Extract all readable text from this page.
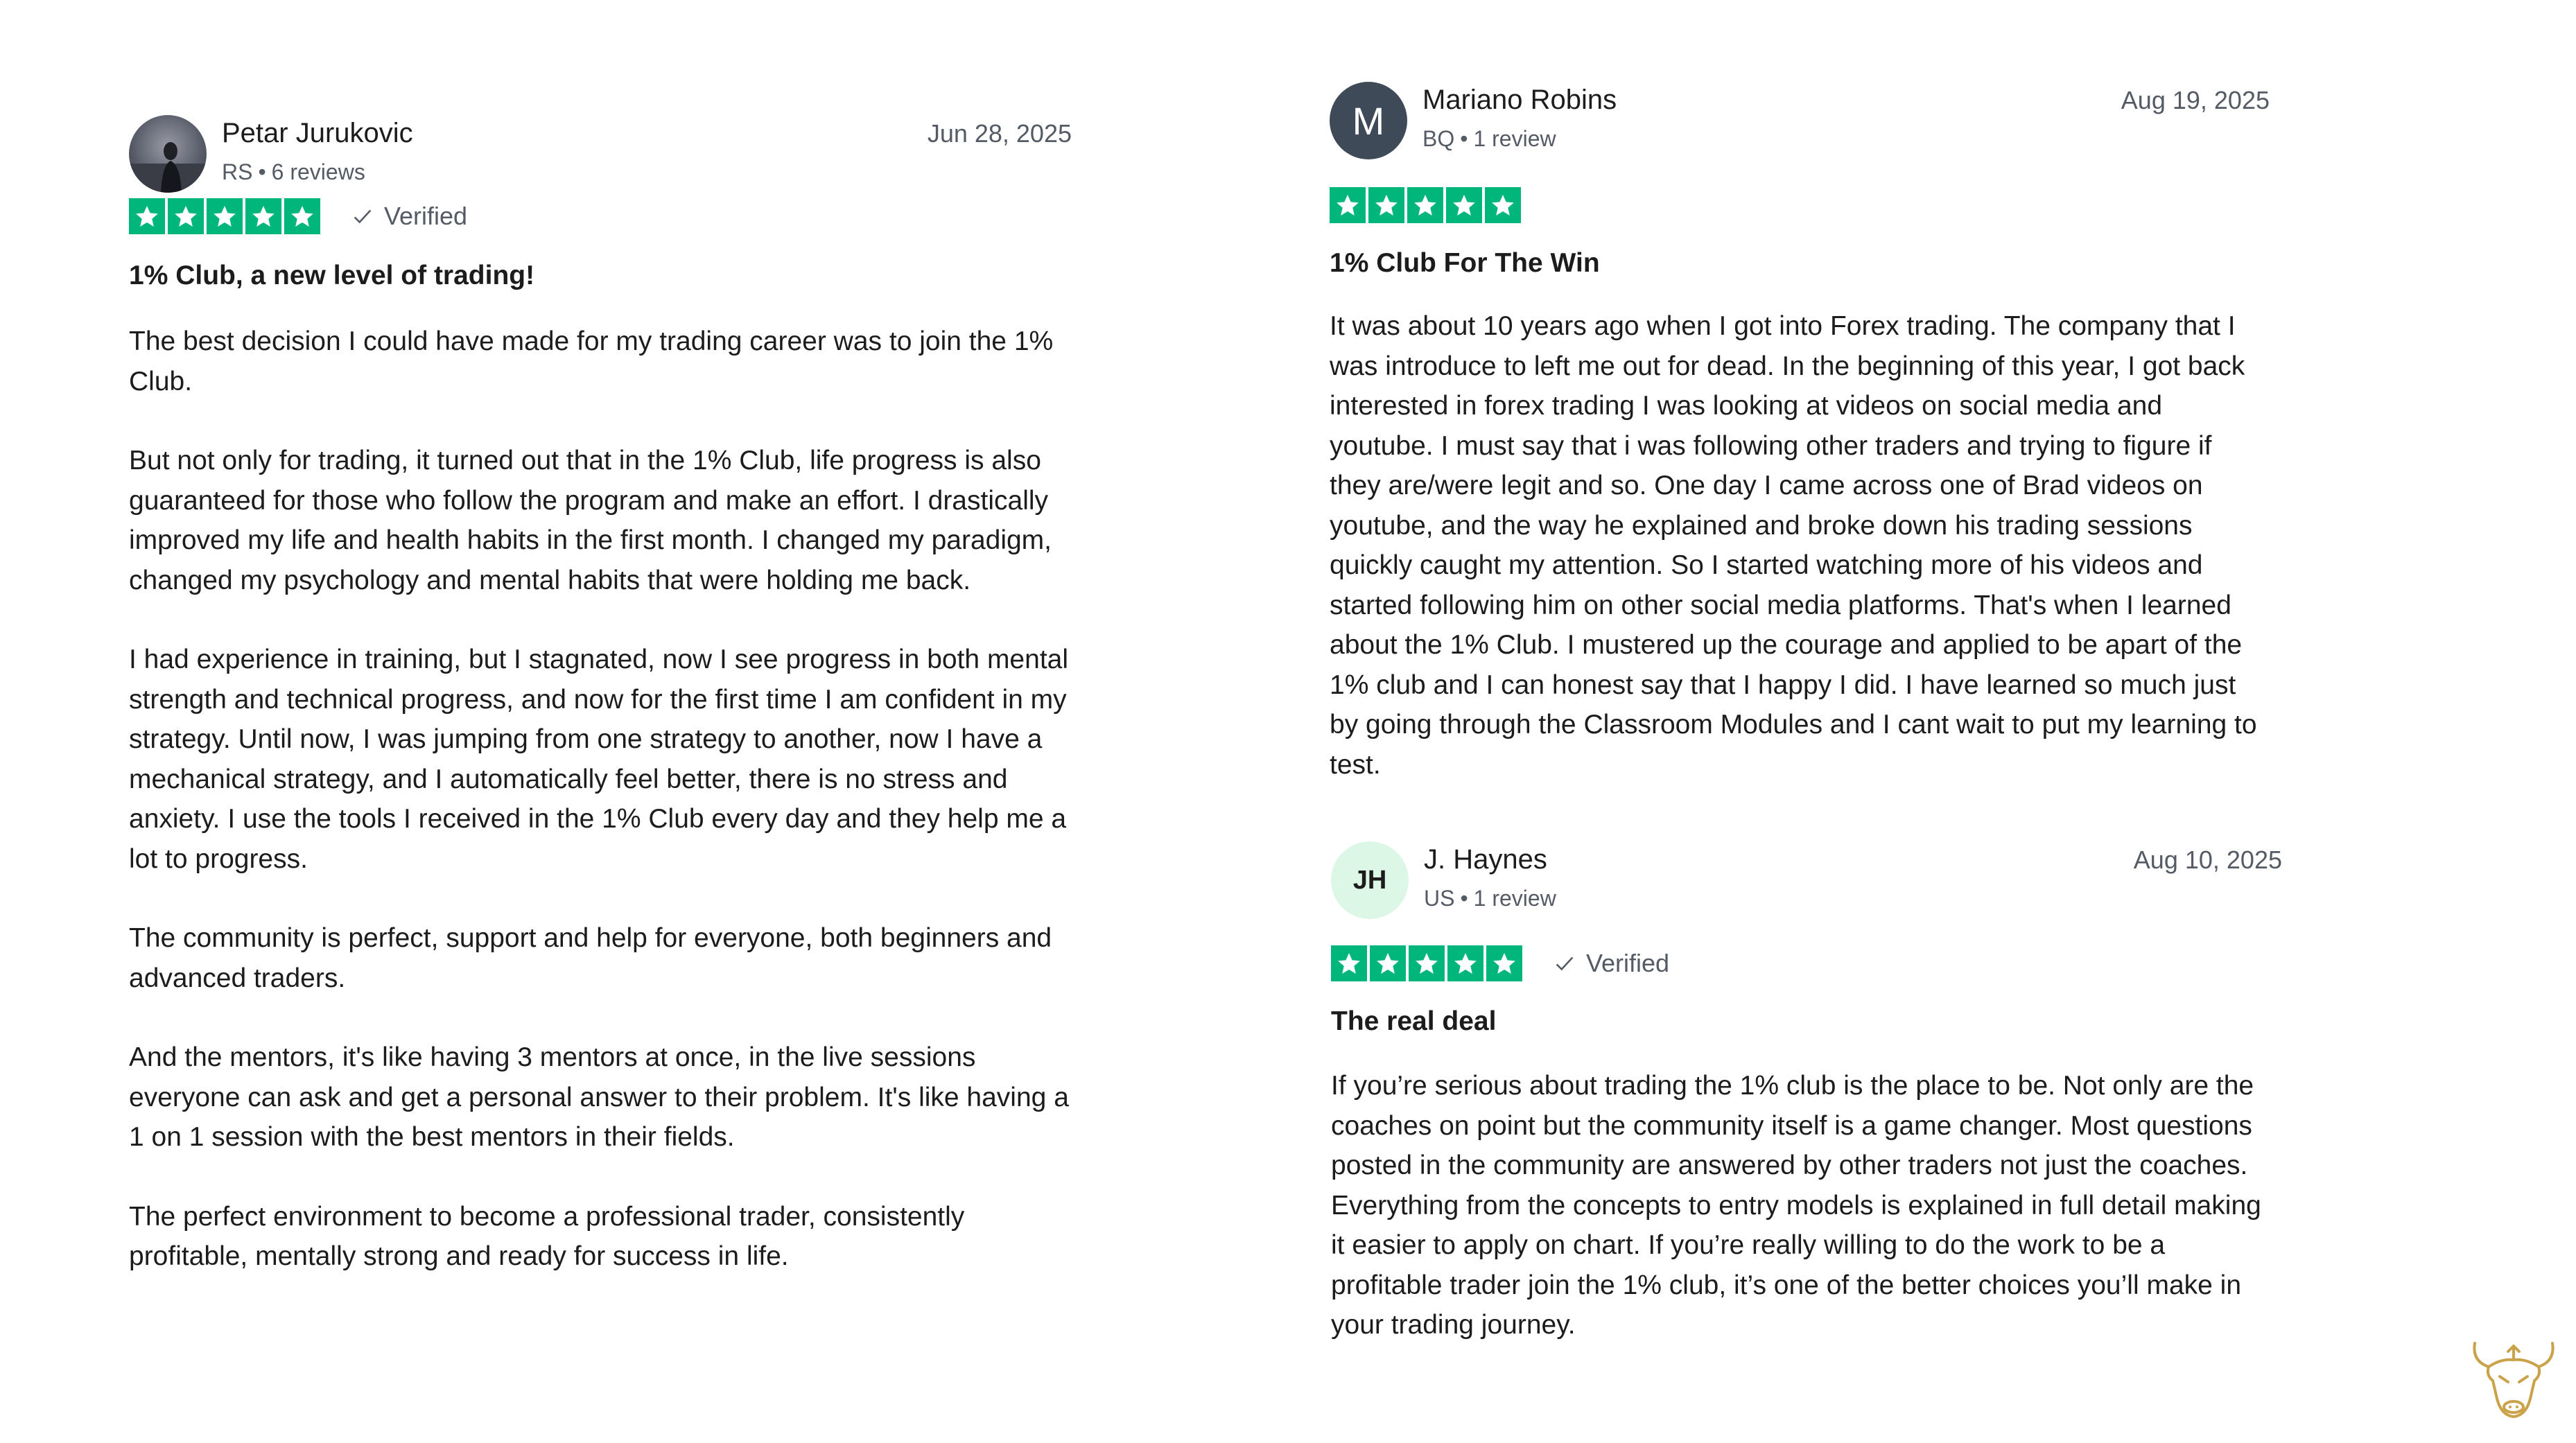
Petar Jurukovic
RS • 6 reviews
Jun 28, 2025
Verified
1% Club, a new level of trading!

The best decision I could have made for my trading career was to join the 1% Club.

But not only for trading, it turned out that in the 1% Club, life progress is also guaranteed for those who follow the program and make an effort. I drastically improved my life and health habits in the first month. I changed my paradigm, changed my psychology and mental habits that were holding me back.

I had experience in training, but I stagnated, now I see progress in both mental strength and technical progress, and now for the first time I am confident in my strategy. Until now, I was jumping from one strategy to another, now I have a mechanical strategy, and I automatically feel better, there is no stress and anxiety. I use the tools I received in the 1% Club every day and they help me a lot to progress.

The community is perfect, support and help for everyone, both beginners and advanced traders.

And the mentors, it's like having 3 mentors at once, in the live sessions everyone can ask and get a personal answer to their problem. It's like having a 1 on 1 session with the best mentors in their fields.

The perfect environment to become a professional trader, consistently profitable, mentally strong and ready for success in life.

M	Mariano Robins
BQ • 1 review
Aug 19, 2025
1% Club For The Win

It was about 10 years ago when I got into Forex trading. The company that I was introduce to left me out for dead. In the beginning of this year, I got back interested in forex trading I was looking at videos on social media and youtube. I must say that i was following other traders and trying to figure if they are/were legit and so. One day I came across one of Brad videos on youtube, and the way he explained and broke down his trading sessions quickly caught my attention. So I started watching more of his videos and started following him on other social media platforms. That's when I learned about the 1% Club. I mustered up the courage and applied to be apart of the 1% club and I can honest say that I happy I did. I have learned so much just by going through the Classroom Modules and I cant wait to put my learning to test.

JH
J. Haynes
US • 1 review
Aug 10, 2025
Verified
The real deal

If you’re serious about trading the 1% club is the place to be. Not only are the coaches on point but the community itself is a game changer. Most questions posted in the community are answered by other traders not just the coaches. Everything from the concepts to entry models is explained in full detail making it easier to apply on chart. If you’re really willing to do the work to be a profitable trader join the 1% club, it’s one of the better choices you’ll make in your trading journey.
